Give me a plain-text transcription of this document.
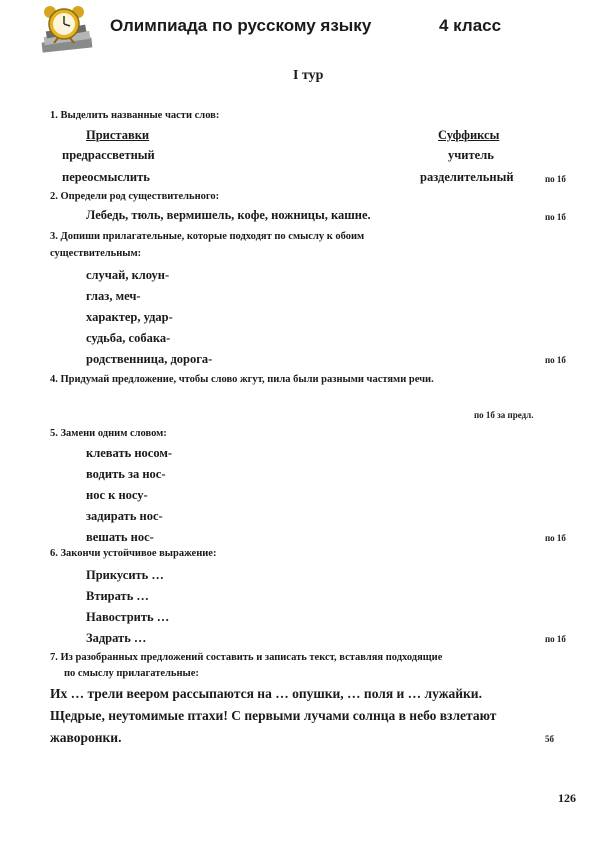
Олимпиада по русскому языку	4 класс
I тур
1. Выделить названные части слов:
Приставки	Суффиксы
предрассветный	учитель
переосмыслить	разделительный	по 1б
2. Определи род существительного:
Лебедь, тюль, вермишель, кофе, ножницы, кашне.	по 1б
3. Допиши прилагательные, которые подходят по смыслу к обоим
существительным:
случай, клоун-
глаз, меч-
характер, удар-
судьба, собака-
родственница, дорога-	по 1б
4. Придумай предложение, чтобы слово жгут, пила были разными частями речи.
по 1б за предл.
5. Замени одним словом:
клевать носом-
водить за нос-
нос к носу-
задирать нос-
вешать нос-	по 1б
6. Закончи устойчивое выражение:
Прикусить …
Втирать …
Навострить …
Задрать …	по 1б
7. Из разобранных предложений составить и записать текст, вставляя подходящие
по смыслу прилагательные:
Их … трели веером рассыпаются на … опушки, … поля и … лужайки.
Щедрые, неутомимые птахи! С первыми лучами солнца в небо взлетают
жаворонки.	5б
126
